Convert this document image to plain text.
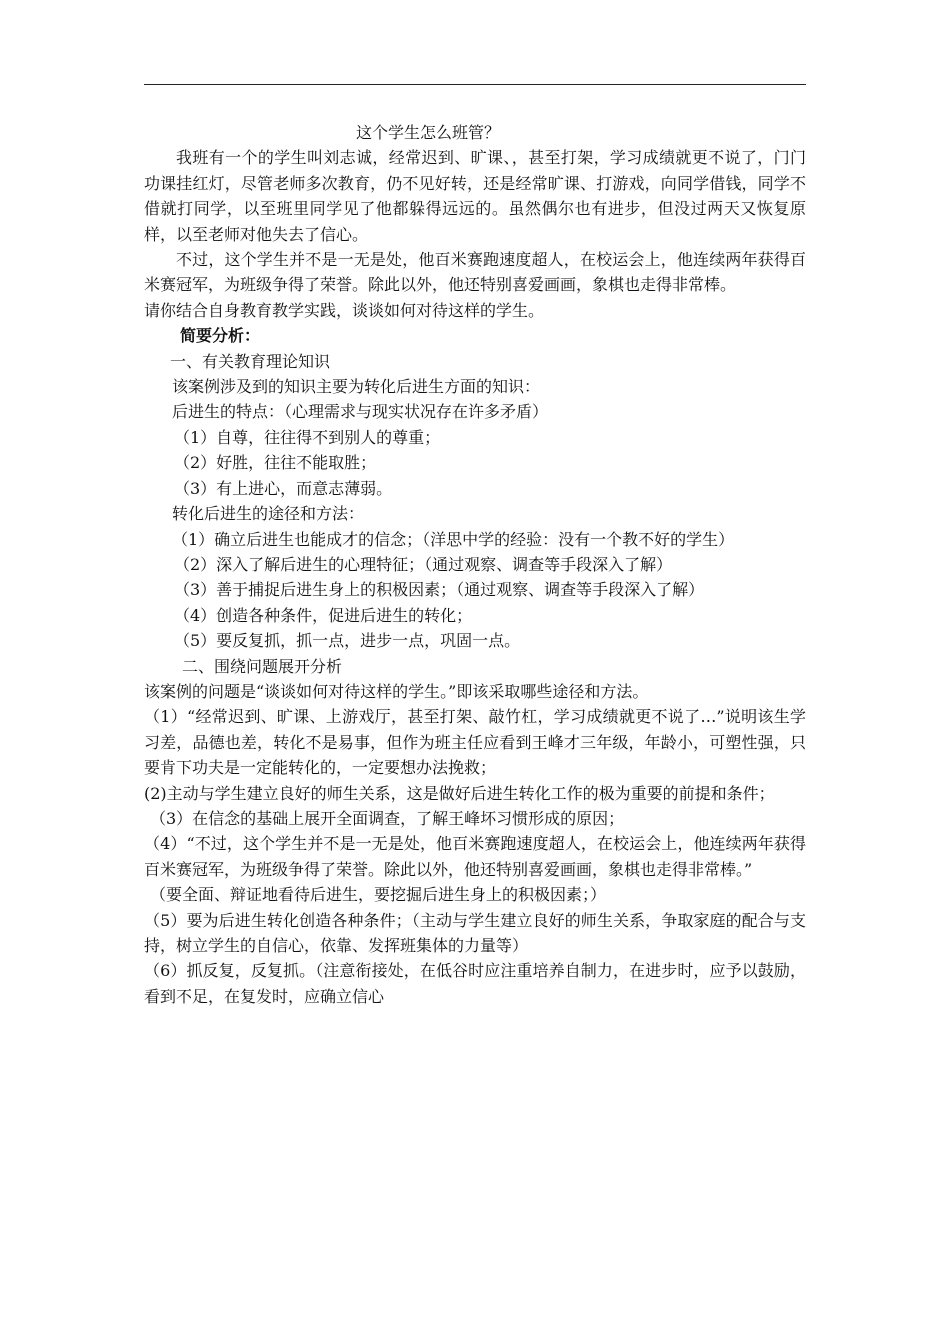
这个学生怎么班管？

我班有一个的学生叫刘志诚，经常迟到、旷课、，甚至打架，学习成绩就更不说了，门门功课挂红灯，尽管老师多次教育，仍不见好转，还是经常旷课、打游戏，向同学借钱，同学不借就打同学，以至班里同学见了他都躲得远远的。虽然偶尔也有进步，但没过两天又恢复原样，以至老师对他失去了信心。

不过，这个学生并不是一无是处，他百米赛跑速度超人，在校运会上，他连续两年获得百米赛冠军，为班级争得了荣誉。除此以外，他还特别喜爱画画，象棋也走得非常棒。

请你结合自身教育教学实践，谈谈如何对待这样的学生。

简要分析：

一、有关教育理论知识

该案例涉及到的知识主要为转化后进生方面的知识：

后进生的特点：（心理需求与现实状况存在许多矛盾）

（1）自尊，往往得不到别人的尊重；

（2）好胜，往往不能取胜；

（3）有上进心，而意志薄弱。

转化后进生的途径和方法：

（1）确立后进生也能成才的信念；（洋思中学的经验：没有一个教不好的学生）

（2）深入了解后进生的心理特征；（通过观察、调查等手段深入了解）

（3）善于捕捉后进生身上的积极因素；（通过观察、调查等手段深入了解）

（4）创造各种条件，促进后进生的转化；

（5）要反复抓，抓一点，进步一点，巩固一点。

二、围绕问题展开分析

该案例的问题是“谈谈如何对待这样的学生。”即该采取哪些途径和方法。

（1）“经常迟到、旷课、上游戏厅，甚至打架、敲竹杠，学习成绩就更不说了…”说明该生学习差，品德也差，转化不是易事，但作为班主任应看到王峰才三年级，年龄小，可塑性强，只要肯下功夫是一定能转化的，一定要想办法挽救；

(2)主动与学生建立良好的师生关系，这是做好后进生转化工作的极为重要的前提和条件；

（3）在信念的基础上展开全面调查，了解王峰坏习惯形成的原因；

（4）“不过，这个学生并不是一无是处，他百米赛跑速度超人，在校运会上，他连续两年获得百米赛冠军，为班级争得了荣誉。除此以外，他还特别喜爱画画，象棋也走得非常棒。”

（要全面、辩证地看待后进生，要挖掘后进生身上的积极因素；）

（5）要为后进生转化创造各种条件；（主动与学生建立良好的师生关系，争取家庭的配合与支持，树立学生的自信心，依靠、发挥班集体的力量等）

（6）抓反复，反复抓。（注意衔接处，在低谷时应注重培养自制力，在进步时，应予以鼓励，看到不足，在复发时，应确立信心
